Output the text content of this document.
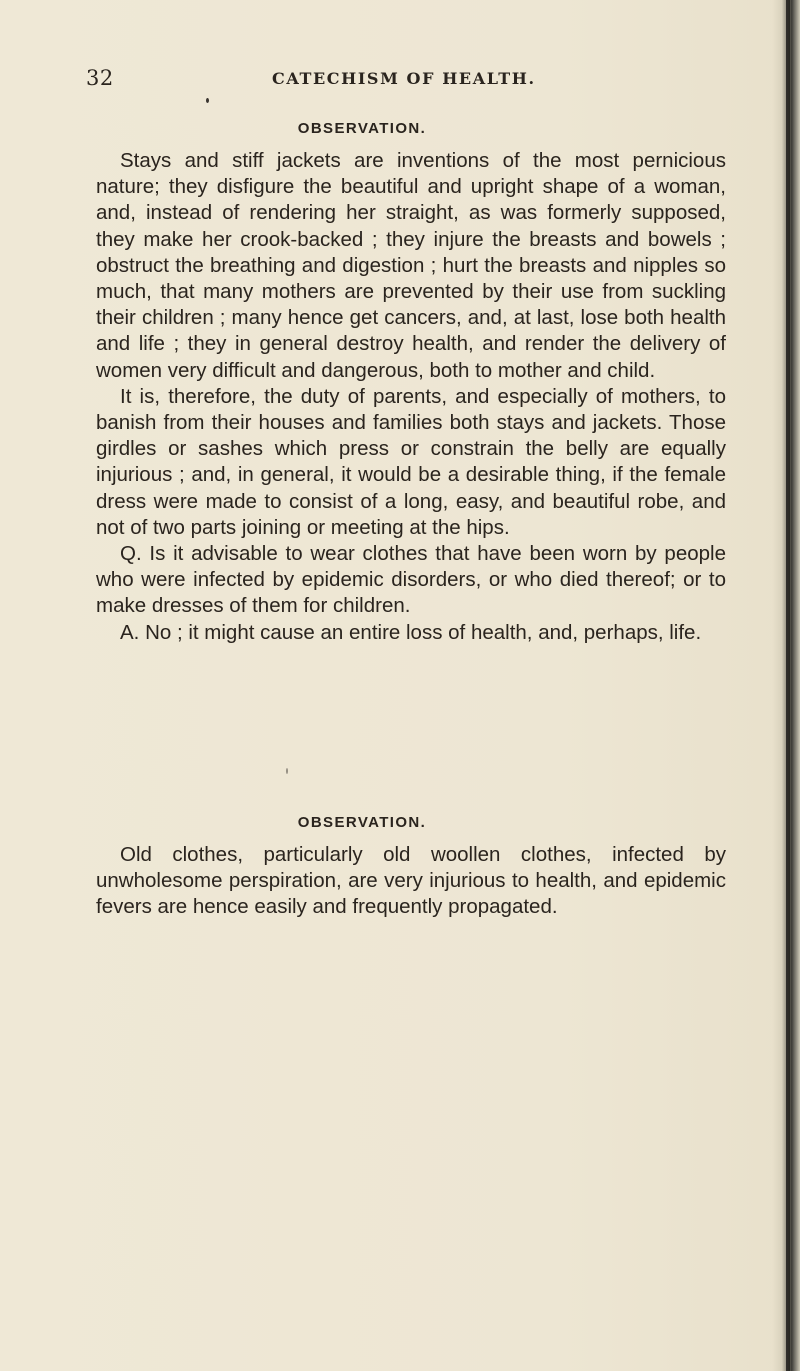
32	CATECHISM OF HEALTH.
OBSERVATION.

Stays and stiff jackets are inventions of the most pernicious nature; they disfigure the beautiful and upright shape of a woman, and, instead of rendering her straight, as was formerly supposed, they make her crook-backed ; they injure the breasts and bowels ; obstruct the breathing and digestion ; hurt the breasts and nipples so much, that many mothers are prevented by their use from suckling their children ; many hence get cancers, and, at last, lose both health and life ; they in general destroy health, and render the delivery of women very difficult and dangerous, both to mother and child.

It is, therefore, the duty of parents, and especially of mothers, to banish from their houses and families both stays and jackets. Those girdles or sashes which press or constrain the belly are equally injurious ; and, in general, it would be a desirable thing, if the female dress were made to consist of a long, easy, and beautiful robe, and not of two parts joining or meeting at the hips.

Q. Is it advisable to wear clothes that have been worn by people who were infected by epidemic disorders, or who died thereof; or to make dresses of them for children.

A. No ; it might cause an entire loss of health, and, perhaps, life.

OBSERVATION.

Old clothes, particularly old woollen clothes, infected by unwholesome perspiration, are very injurious to health, and epidemic fevers are hence easily and frequently propagated.
